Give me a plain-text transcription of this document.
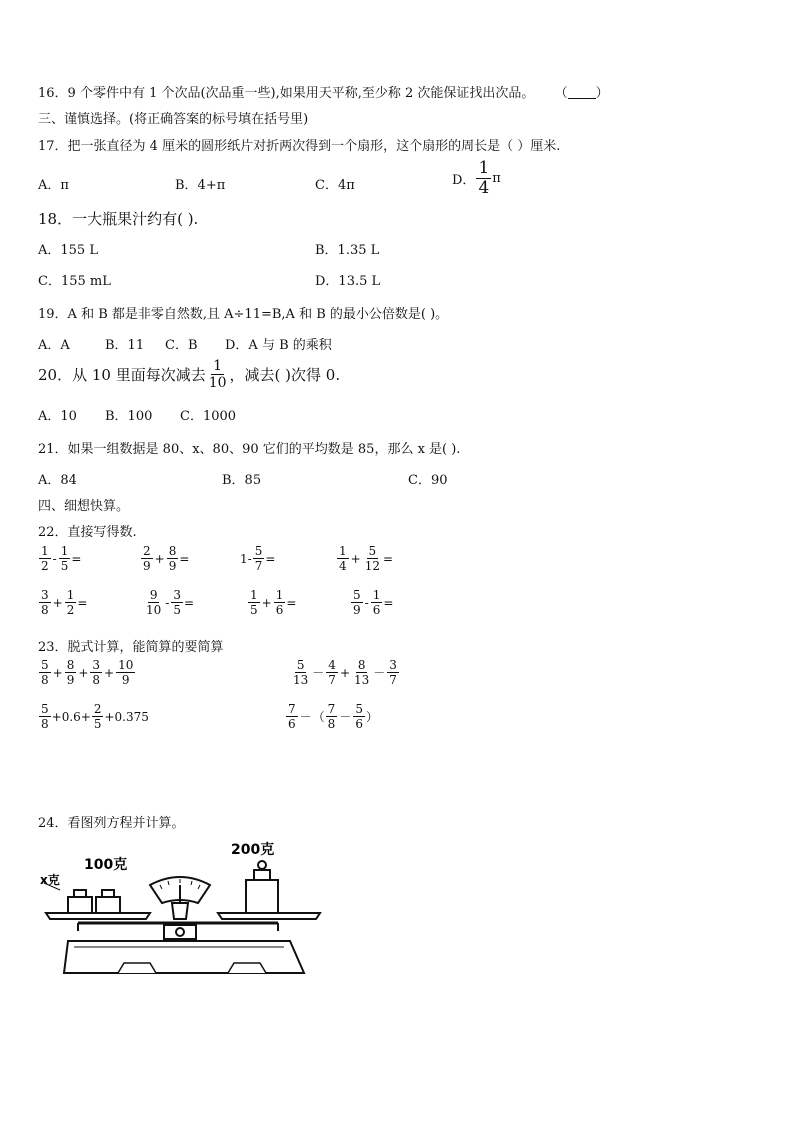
16．9 个零件中有 1 个次品(次品重一些),如果用天平称,至少称 2 次能保证找出次品。 （ ）
三、谨慎选择。(将正确答案的标号填在括号里)
17．把一张直径为 4 厘米的圆形纸片对折两次得到一个扇形，这个扇形的周长是（ ）厘米.
A．π	B．4+π	C．4π	D． $\frac{1}{4}$ π
18．一大瓶果汁约有( ).
A．155 L	B．1.35 L
C．155 mL	D．13.5 L
19．A 和 B 都是非零自然数,且 A÷11=B,A 和 B 的最小公倍数是( )。
A．A	B．11 C．B D．A 与 B 的乘积
20．从 10 里面每次减去 $\frac{1}{10}$ ，减去( )次得 0.
A．10 B．100 C．1000
21．如果一组数据是 80、x、80、90 它们的平均数是 85，那么 x 是( ).
A．84	B．85	C．90
四、细想快算。
22．直接写得数.
$\frac{1}{2} - \frac{1}{5}$ =	$\frac{2}{9} + \frac{8}{9}$ =	$1- \frac{5}{7}$ =	$\frac{1}{4} + \frac{5}{12}$ =
$\frac{3}{8} + \frac{1}{2}$ =	$\frac{9}{10} - \frac{3}{5}$ =	$\frac{1}{5} + \frac{1}{6}$ =	$\frac{5}{9} - \frac{1}{6}$ =
23．脱式计算，能简算的要简算
$\frac{5}{8} + \frac{8}{9} + \frac{3}{8} + \frac{10}{9}$	$\frac{5}{13} - \frac{4}{7} + \frac{8}{13} - \frac{3}{7}$
$\frac{5}{8} +0.6+ \frac{2}{5} +0.375$	$\frac{7}{6}$ － （ $\frac{7}{8} - \frac{5}{6}$ ）
24．看图列方程并计算。
x克
100克
200克
